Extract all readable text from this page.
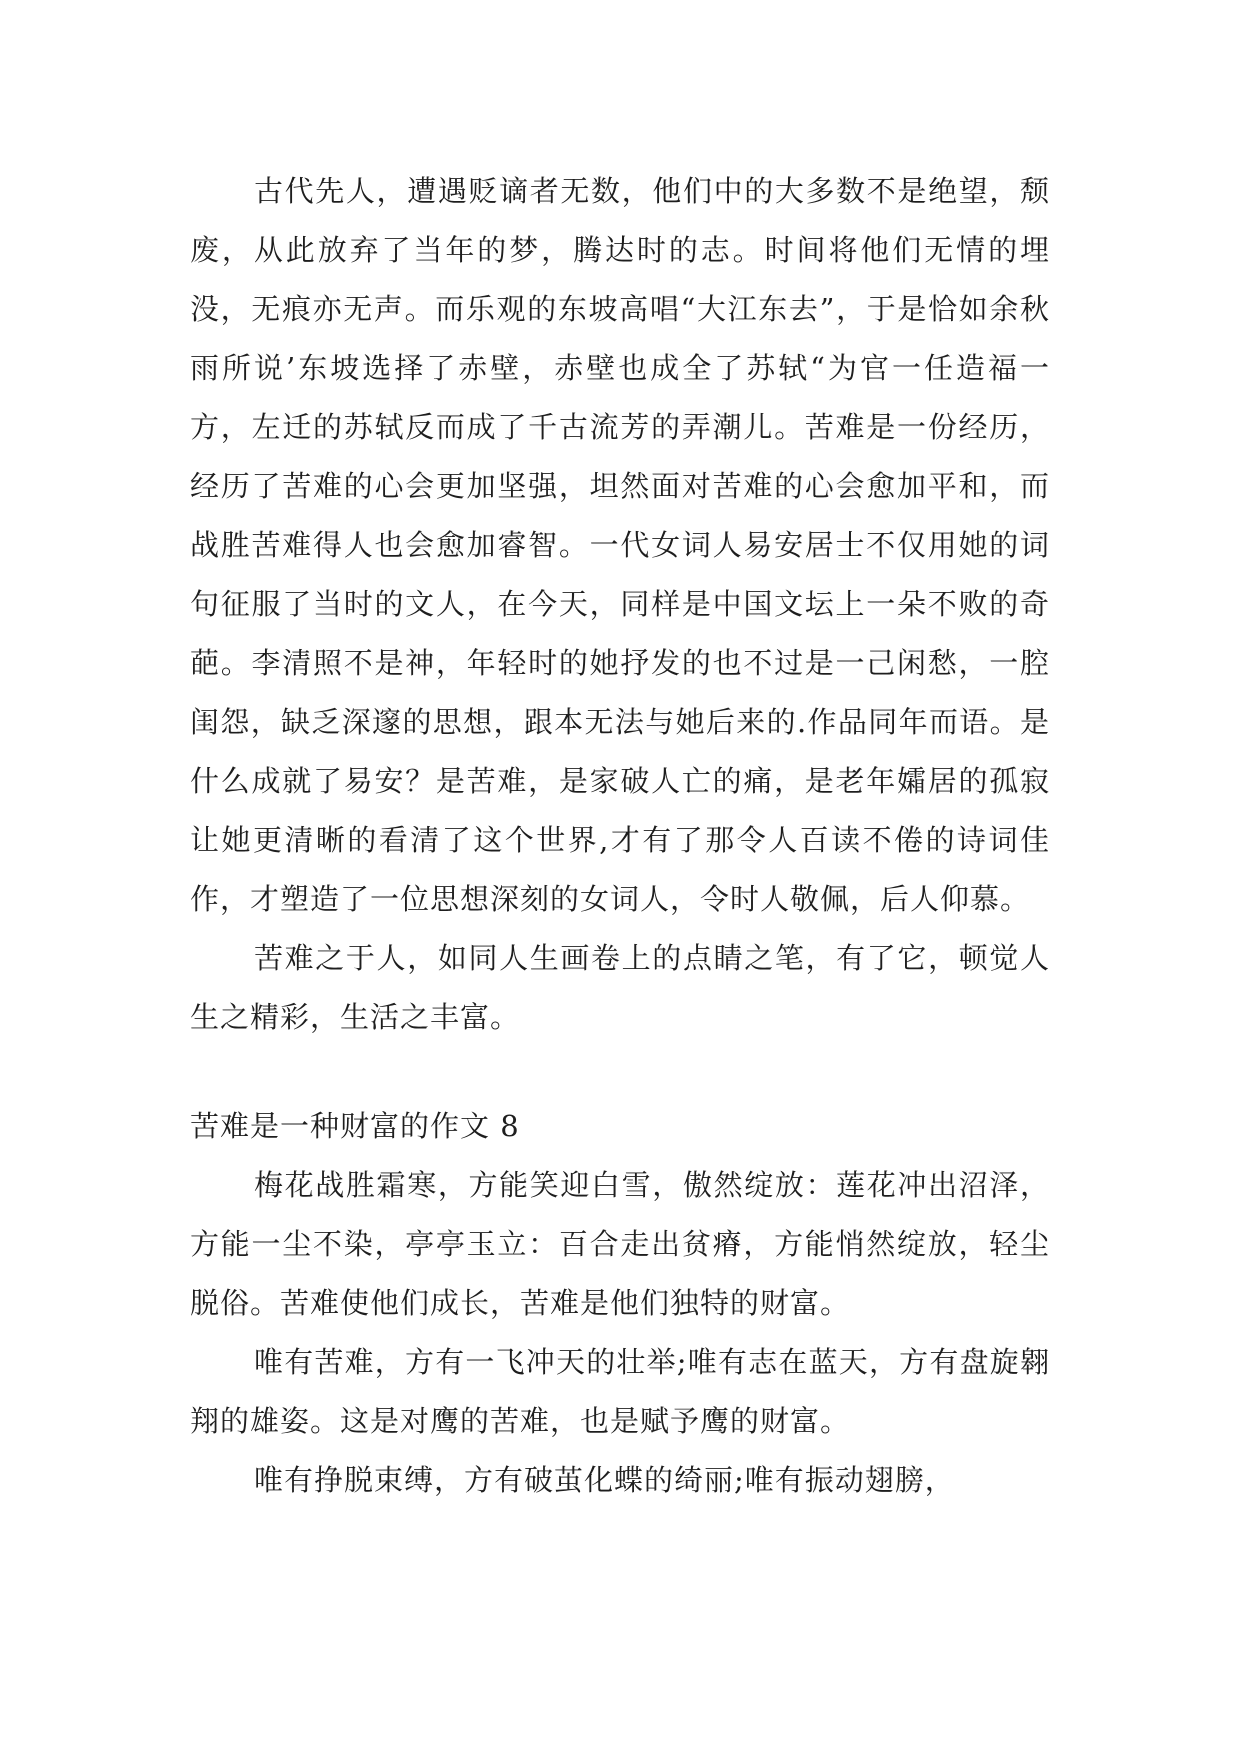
古代先人，遭遇贬谪者无数，他们中的大多数不是绝望，颓废，从此放弃了当年的梦，腾达时的志。时间将他们无情的埋没，无痕亦无声。而乐观的东坡高唱“大江东去”，于是恰如余秋雨所说’东坡选择了赤壁，赤壁也成全了苏轼“为官一任造福一方，左迁的苏轼反而成了千古流芳的弄潮儿。苦难是一份经历，经历了苦难的心会更加坚强，坦然面对苦难的心会愈加平和，而战胜苦难得人也会愈加睿智。一代女词人易安居士不仅用她的词句征服了当时的文人，在今天，同样是中国文坛上一朵不败的奇葩。李清照不是神，年轻时的她抒发的也不过是一己闲愁，一腔闺怨，缺乏深邃的思想，跟本无法与她后来的.作品同年而语。是什么成就了易安？是苦难，是家破人亡的痛，是老年孀居的孤寂让她更清晰的看清了这个世界,才有了那令人百读不倦的诗词佳作，才塑造了一位思想深刻的女词人，令时人敬佩，后人仰慕。

苦难之于人，如同人生画卷上的点睛之笔，有了它，顿觉人生之精彩，生活之丰富。

苦难是一种财富的作文 8

梅花战胜霜寒，方能笑迎白雪，傲然绽放：莲花冲出沼泽，方能一尘不染，亭亭玉立：百合走出贫瘠，方能悄然绽放，轻尘脱俗。苦难使他们成长，苦难是他们独特的财富。

唯有苦难，方有一飞冲天的壮举;唯有志在蓝天，方有盘旋翱翔的雄姿。这是对鹰的苦难，也是赋予鹰的财富。

唯有挣脱束缚，方有破茧化蝶的绮丽;唯有振动翅膀，
